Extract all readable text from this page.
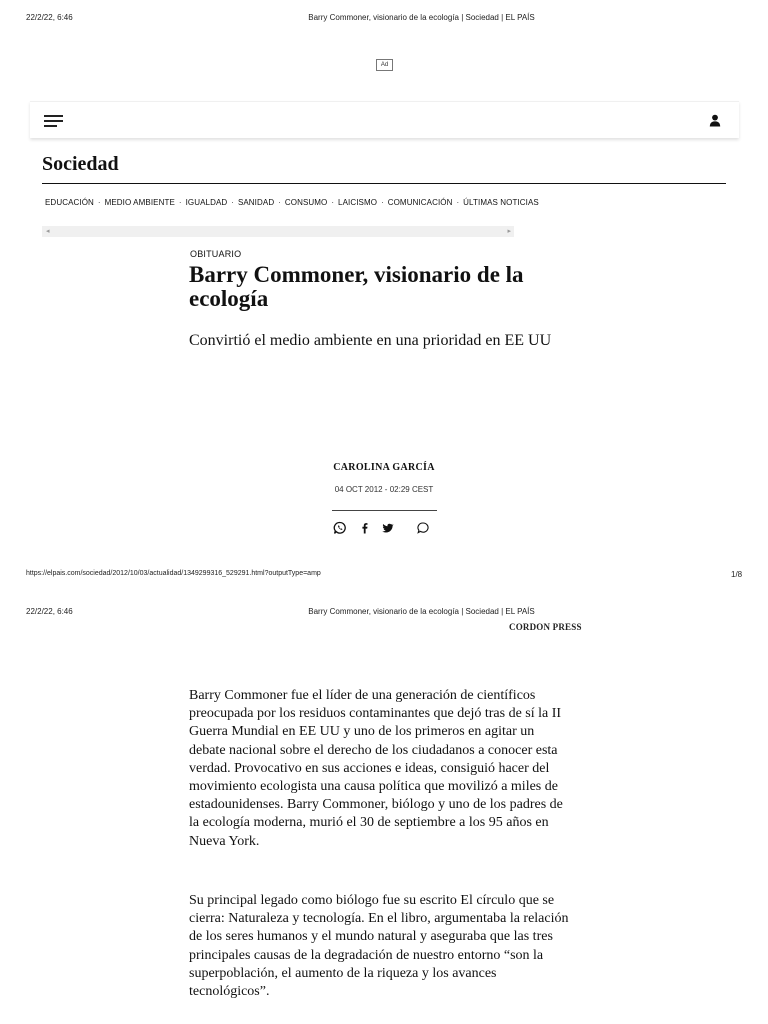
22/2/22, 6:46	Barry Commoner, visionario de la ecología | Sociedad | EL PAÍS
Ad
Sociedad
EDUCACIÓN · MEDIO AMBIENTE · IGUALDAD · SANIDAD · CONSUMO · LAICISMO · COMUNICACIÓN · ÚLTIMAS NOTICIAS
◂	▸
OBITUARIO
Barry Commoner, visionario de la ecología

Convirtió el medio ambiente en una prioridad en EE UU

CAROLINA GARCÍA
04 OCT 2012 - 02:29 CEST
https://elpais.com/sociedad/2012/10/03/actualidad/1349299316_529291.html?outputType=amp	1/8
22/2/22, 6:46	Barry Commoner, visionario de la ecología | Sociedad | EL PAÍS
CORDON PRESS

Barry Commoner fue el líder de una generación de científicos preocupada por los residuos contaminantes que dejó tras de sí la II Guerra Mundial en EE UU y uno de los primeros en agitar un debate nacional sobre el derecho de los ciudadanos a conocer esta verdad. Provocativo en sus acciones e ideas, consiguió hacer del movimiento ecologista una causa política que movilizó a miles de estadounidenses. Barry Commoner, biólogo y uno de los padres de la ecología moderna, murió el 30 de septiembre a los 95 años en Nueva York.

Su principal legado como biólogo fue su escrito El círculo que se cierra: Naturaleza y tecnología. En el libro, argumentaba la relación de los seres humanos y el mundo natural y aseguraba que las tres principales causas de la degradación de nuestro entorno “son la superpoblación, el aumento de la riqueza y los avances tecnológicos”.
